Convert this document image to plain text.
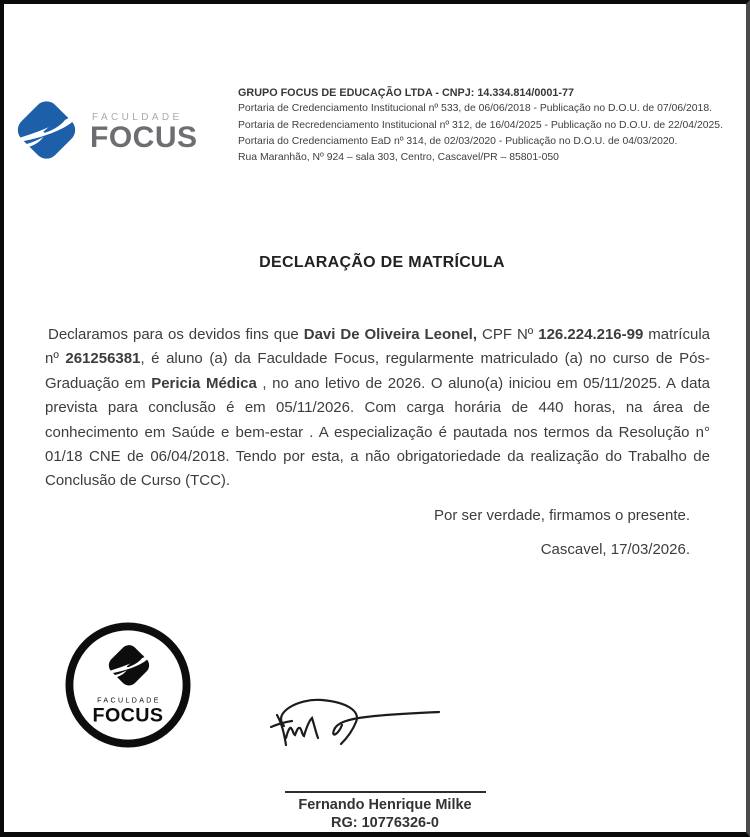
FACULDADE
FOCUS
GRUPO FOCUS DE EDUCAÇÃO LTDA - CNPJ: 14.334.814/0001-77
Portaria de Credenciamento Institucional nº 533, de 06/06/2018 - Publicação no D.O.U. de 07/06/2018.
Portaria de Recredenciamento Institucional nº 312, de 16/04/2025 - Publicação no D.O.U. de 22/04/2025.
Portaria do Credenciamento EaD nº 314, de 02/03/2020 - Publicação no D.O.U. de 04/03/2020.
Rua Maranhão, Nº 924 – sala 303, Centro, Cascavel/PR – 85801-050
DECLARAÇÃO DE MATRÍCULA

Declaramos para os devidos fins que Davi De Oliveira Leonel, CPF Nº 126.224.216-99 matrícula nº 261256381, é aluno (a) da Faculdade Focus, regularmente matriculado (a) no curso de Pós-Graduação em Pericia Médica , no ano letivo de 2026. O aluno(a) iniciou em 05/11/2025. A data prevista para conclusão é em 05/11/2026. Com carga horária de 440 horas, na área de conhecimento em Saúde e bem-estar . A especialização é pautada nos termos da Resolução n° 01/18 CNE de 06/04/2018. Tendo por esta, a não obrigatoriedade da realização do Trabalho de Conclusão de Curso (TCC).

Por ser verdade, firmamos o presente.

Cascavel, 17/03/2026.

FACULDADE
FOCUS
Fernando Henrique Milke
RG: 10776326-0
